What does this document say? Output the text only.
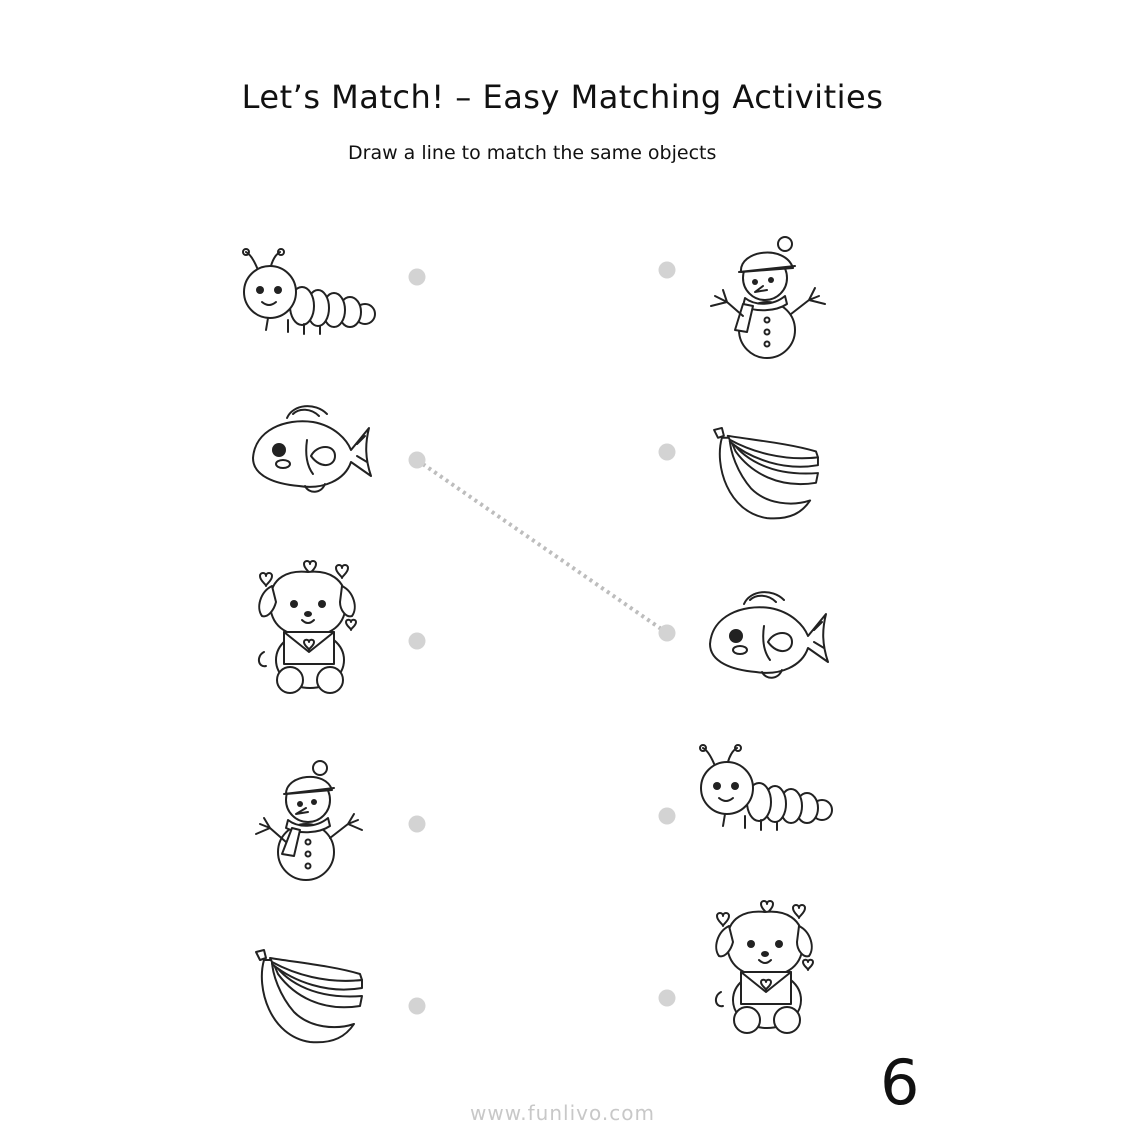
Let’s Match! – Easy Matching Activities
Draw a line to match the same objects
6
www.funlivo.com
